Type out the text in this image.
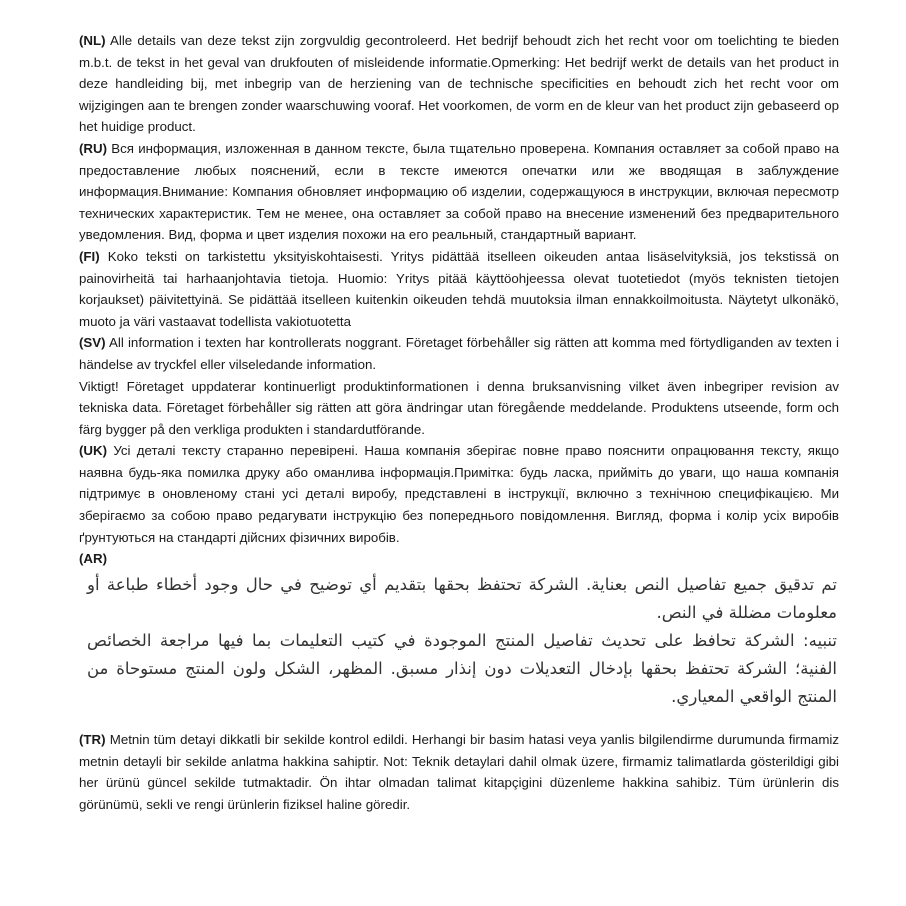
(NL) Alle details van deze tekst zijn zorgvuldig gecontroleerd. Het bedrijf behoudt zich het recht voor om toelichting te bieden m.b.t. de tekst in het geval van drukfouten of misleidende informatie.Opmerking: Het bedrijf werkt de details van het product in deze handleiding bij, met inbegrip van de herziening van de technische specificities en behoudt zich het recht voor om wijzigingen aan te brengen zonder waarschuwing vooraf. Het voorkomen, de vorm en de kleur van het product zijn gebaseerd op het huidige product.

(RU) Вся информация, изложенная в данном тексте, была тщательно проверена. Компания оставляет за собой право на предоставление любых пояснений, если в тексте имеются опечатки или же вводящая в заблуждение информация.Внимание: Компания обновляет информацию об изделии, содержащуюся в инструкции, включая пересмотр технических характеристик. Тем не менее, она оставляет за собой право на внесение изменений без предварительного уведомления. Вид, форма и цвет изделия похожи на его реальный, стандартный вариант.

(FI) Koko teksti on tarkistettu yksityiskohtaisesti. Yritys pidättää itselleen oikeuden antaa lisäselvityksiä, jos tekstissä on painovirheitä tai harhaanjohtavia tietoja. Huomio: Yritys pitää käyttöohjeessa olevat tuotetiedot (myös teknisten tietojen korjaukset) päivitettyinä. Se pidättää itselleen kuitenkin oikeuden tehdä muutoksia ilman ennakkoilmoitusta. Näytetyt ulkonäkö, muoto ja väri vastaavat todellista vakiotuotetta

(SV) All information i texten har kontrollerats noggrant. Företaget förbehåller sig rätten att komma med förtydliganden av texten i händelse av tryckfel eller vilseledande information.
Viktigt! Företaget uppdaterar kontinuerligt produktinformationen i denna bruksanvisning vilket även inbegriper revision av tekniska data. Företaget förbehåller sig rätten att göra ändringar utan föregående meddelande. Produktens utseende, form och färg bygger på den verkliga produkten i standardutförande.

(UK) Усі деталі тексту старанно перевірені. Наша компанія зберігає повне право пояснити опрацювання тексту, якщо наявна будь-яка помилка друку або оманлива інформація.Примітка: будь ласка, прийміть до уваги, що наша компанія підтримує в оновленому стані усі деталі виробу, представлені в інструкції, включно з технічною специфікацією. Ми зберігаємо за собою право редагувати інструкцію без попереднього повідомлення. Вигляд, форма і колір усіх виробів ґрунтуються на стандарті дійсних фізичних виробів.

(AR)

تم تدقيق جميع تفاصيل النص بعناية. الشركة تحتفظ بحقها بتقديم أي توضيح في حال وجود أخطاء طباعة أو معلومات مضللة في النص.
تنبيه: الشركة تحافظ على تحديث تفاصيل المنتج الموجودة في كتيب التعليمات بما فيها مراجعة الخصائص الفنية؛ الشركة تحتفظ بحقها بإدخال التعديلات دون إنذار مسبق. المظهر، الشكل ولون المنتج مستوحاة من المنتج الواقعي المعياري.

(TR) Metnin tüm detayi dikkatli bir sekilde kontrol edildi. Herhangi bir basim hatasi veya yanlis bilgilendirme durumunda firmamiz metnin detayli bir sekilde anlatma hakkina sahiptir. Not: Teknik detaylari dahil olmak üzere, firmamiz talimatlarda gösterildigi gibi her ürünü güncel sekilde tutmaktadir. Ön ihtar olmadan talimat kitapçigini düzenleme hakkina sahibiz. Tüm ürünlerin dis görünümü, sekli ve rengi ürünlerin fiziksel haline göredir.
